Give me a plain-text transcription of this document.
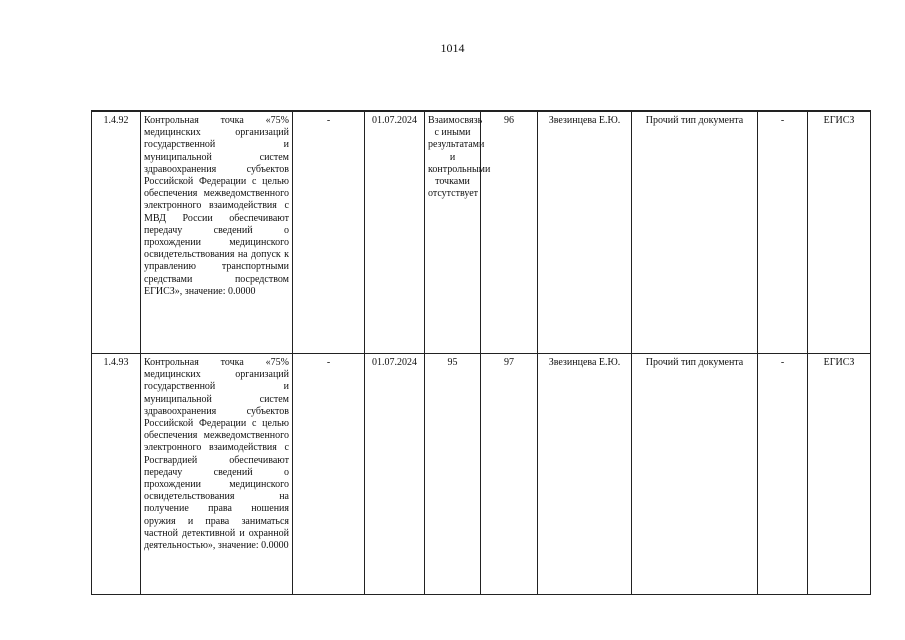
1014

1.4.92	Контрольная точка «75% медицинских организаций государственной и муниципальной систем здравоохранения субъектов Российской Федерации с целью обеспечения межведомственного электронного взаимодействия с МВД России обеспечивают передачу сведений о прохождении медицинского освидетельствования на допуск к управлению транспортными средствами посредством ЕГИСЗ», значение: 0.0000	-	01.07.2024	Взаимосвязь с иными результатами и контрольными точками отсутствует	96	Звезинцева Е.Ю.	Прочий тип документа	-	ЕГИСЗ
1.4.93	Контрольная точка «75% медицинских организаций государственной и муниципальной систем здравоохранения субъектов Российской Федерации с целью обеспечения межведомственного электронного взаимодействия с Росгвардией обеспечивают передачу сведений о прохождении медицинского освидетельствования на получение права ношения оружия и права заниматься частной детективной и охранной деятельностью», значение: 0.0000	-	01.07.2024	95	97	Звезинцева Е.Ю.	Прочий тип документа	-	ЕГИСЗ
